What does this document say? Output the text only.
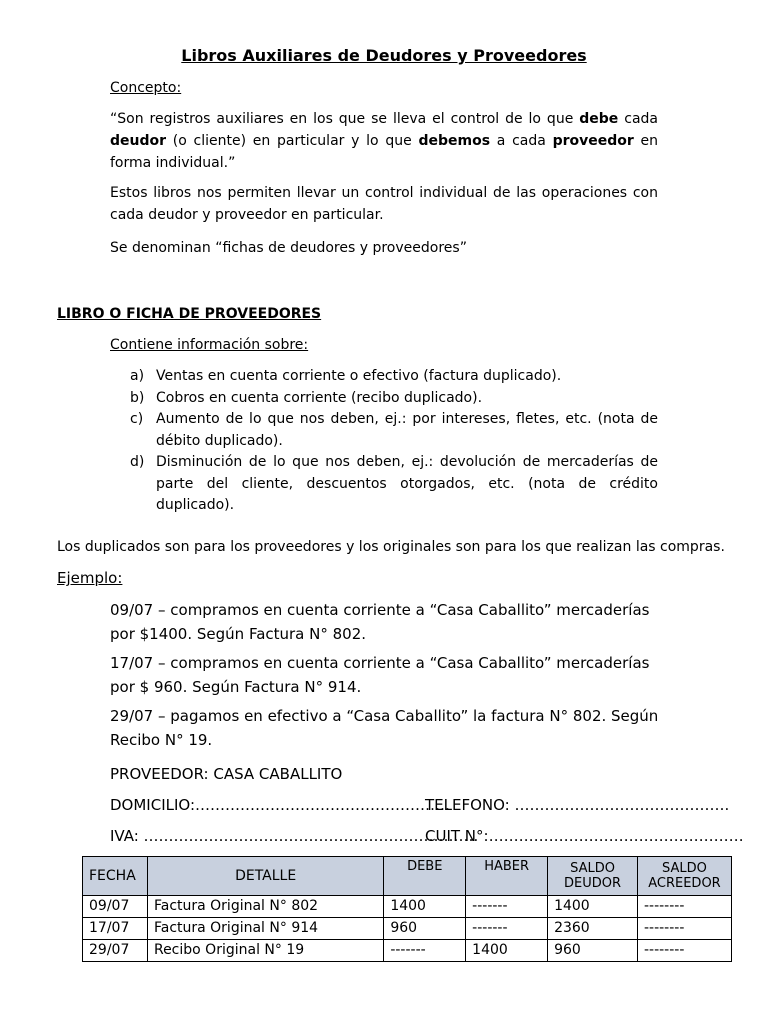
Libros Auxiliares de Deudores y Proveedores
Concepto:

“Son registros auxiliares en los que se lleva el control de lo que debe cada deudor (o cliente) en particular y lo que debemos a cada proveedor en forma individual.”

Estos libros nos permiten llevar un control individual de las operaciones con cada deudor y proveedor en particular.

Se denominan “fichas de deudores y proveedores”

LIBRO O FICHA DE PROVEEDORES
Contiene información sobre:
a) Ventas en cuenta corriente o efectivo (factura duplicado).
b) Cobros en cuenta corriente (recibo duplicado).
c) Aumento de lo que nos deben, ej.: por intereses, fletes, etc. (nota de débito duplicado).
d) Disminución de lo que nos deben, ej.: devolución de mercaderías de parte del cliente, descuentos otorgados, etc. (nota de crédito duplicado).
Los duplicados son para los proveedores y los originales son para los que realizan las compras.
Ejemplo:

09/07 – compramos en cuenta corriente a “Casa Caballito” mercaderías por $1400. Según Factura N° 802.

17/07 – compramos en cuenta corriente a “Casa Caballito” mercaderías por $ 960. Según Factura N° 914.

29/07 – pagamos en efectivo a “Casa Caballito” la factura N° 802. Según Recibo N° 19.

PROVEEDOR: CASA CABALLITO
DOMICILIO:……………………………………………
TELEFONO: …………………………………….
IVA: ………………………………………………………….
CUIT N°:……………………………………………
FECHA	DETALLE	DEBE	HABER	SALDO DEUDOR	SALDO ACREEDOR
09/07	Factura Original N° 802	1400	-------	1400	--------
17/07	Factura Original N° 914	960	-------	2360	--------
29/07	Recibo Original N° 19	-------	1400	960	--------
